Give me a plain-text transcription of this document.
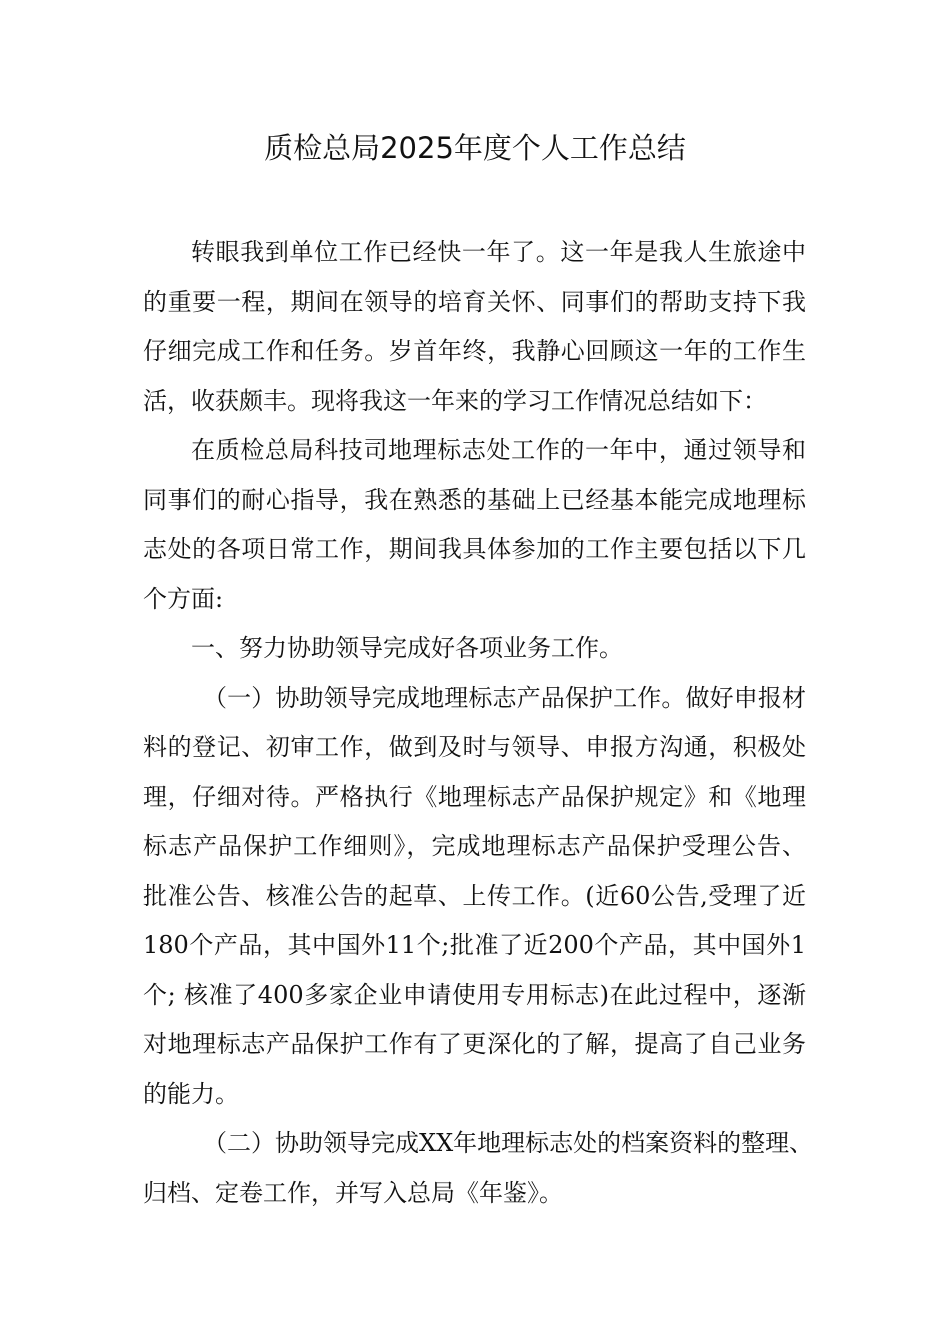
质检总局2025年度个人工作总结
转眼我到单位工作已经快一年了。这一年是我人生旅途中
的重要一程，期间在领导的培育关怀、同事们的帮助支持下我
仔细完成工作和任务。岁首年终，我静心回顾这一年的工作生
活，收获颇丰。现将我这一年来的学习工作情况总结如下：
在质检总局科技司地理标志处工作的一年中，通过领导和
同事们的耐心指导，我在熟悉的基础上已经基本能完成地理标
志处的各项日常工作，期间我具体参加的工作主要包括以下几
个方面:
一、努力协助领导完成好各项业务工作。
（一）协助领导完成地理标志产品保护工作。做好申报材
料的登记、初审工作，做到及时与领导、申报方沟通，积极处
理，仔细对待。严格执行《地理标志产品保护规定》和《地理
标志产品保护工作细则》，完成地理标志产品保护受理公告、
批准公告、核准公告的起草、上传工作。(近60公告,受理了近
180个产品，其中国外11个;批准了近200个产品，其中国外1
个; 核准了400多家企业申请使用专用标志)在此过程中，逐渐
对地理标志产品保护工作有了更深化的了解，提高了自己业务
的能力。
（二）协助领导完成XX年地理标志处的档案资料的整理、
归档、定卷工作，并写入总局《年鉴》。
